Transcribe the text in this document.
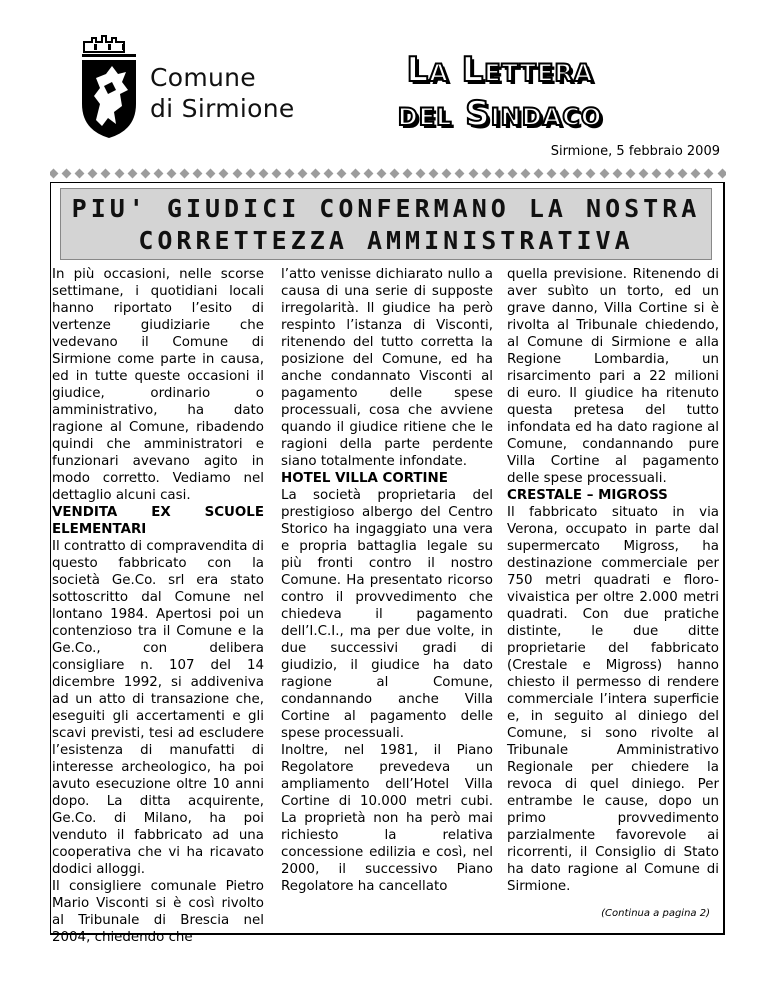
Comune
di Sirmione
La Lettera
del Sindaco
Sirmione, 5 febbraio 2009
PIU' GIUDICI CONFERMANO LA NOSTRA
CORRETTEZZA AMMINISTRATIVA

In più occasioni, nelle scorse settimane, i quotidiani locali hanno riportato l’esito di vertenze giudiziarie che vedevano il Comune di Sirmione come parte in causa, ed in tutte queste occasioni il giudice, ordinario o amministrativo, ha dato ragione al Comune, ribadendo quindi che amministratori e funzionari avevano agito in modo corretto. Vediamo nel dettaglio alcuni casi.

VENDITA EX SCUOLE ELEMENTARI

Il contratto di compravendita di questo fabbricato con la società Ge.Co. srl era stato sottoscritto dal Comune nel lontano 1984. Apertosi poi un contenzioso tra il Comune e la Ge.Co., con delibera consigliare n. 107 del 14 dicembre 1992, si addiveniva ad un atto di transazione che, eseguiti gli accertamenti e gli scavi previsti, tesi ad escludere l’esistenza di manufatti di interesse archeologico, ha poi avuto esecuzione oltre 10 anni dopo. La ditta acquirente, Ge.Co. di Milano, ha poi venduto il fabbricato ad una cooperativa che vi ha ricavato dodici alloggi.

Il consigliere comunale Pietro Mario Visconti si è così rivolto al Tribunale di Brescia nel 2004, chiedendo che

l’atto venisse dichiarato nullo a causa di una serie di supposte irregolarità. Il giudice ha però respinto l’istanza di Visconti, ritenendo del tutto corretta la posizione del Comune, ed ha anche condannato Visconti al pagamento delle spese processuali, cosa che avviene quando il giudice ritiene che le ragioni della parte perdente siano totalmente infondate.

HOTEL VILLA CORTINE

La società proprietaria del prestigioso albergo del Centro Storico ha ingaggiato una vera e propria battaglia legale su più fronti contro il nostro Comune. Ha presentato ricorso contro il provvedimento che chiedeva il pagamento dell’I.C.I., ma per due volte, in due successivi gradi di giudizio, il giudice ha dato ragione al Comune, condannando anche Villa Cortine al pagamento delle spese processuali.

Inoltre, nel 1981, il Piano Regolatore prevedeva un ampliamento dell’Hotel Villa Cortine di 10.000 metri cubi. La proprietà non ha però mai richiesto la relativa concessione edilizia e così, nel 2000, il successivo Piano Regolatore ha cancellato

quella previsione. Ritenendo di aver subìto un torto, ed un grave danno, Villa Cortine si è rivolta al Tribunale chiedendo, al Comune di Sirmione e alla Regione Lombardia, un risarcimento pari a 22 milioni di euro. Il giudice ha ritenuto questa pretesa del tutto infondata ed ha dato ragione al Comune, condannando pure Villa Cortine al pagamento delle spese processuali.

CRESTALE – MIGROSS

Il fabbricato situato in via Verona, occupato in parte dal supermercato Migross, ha destinazione commerciale per 750 metri quadrati e floro-vivaistica per oltre 2.000 metri quadrati. Con due pratiche distinte, le due ditte proprietarie del fabbricato (Crestale e Migross) hanno chiesto il permesso di rendere commerciale l’intera superficie e, in seguito al diniego del Comune, si sono rivolte al Tribunale Amministrativo Regionale per chiedere la revoca di quel diniego. Per entrambe le cause, dopo un primo provvedimento parzialmente favorevole ai ricorrenti, il Consiglio di Stato ha dato ragione al Comune di Sirmione.

(Continua a pagina 2)
